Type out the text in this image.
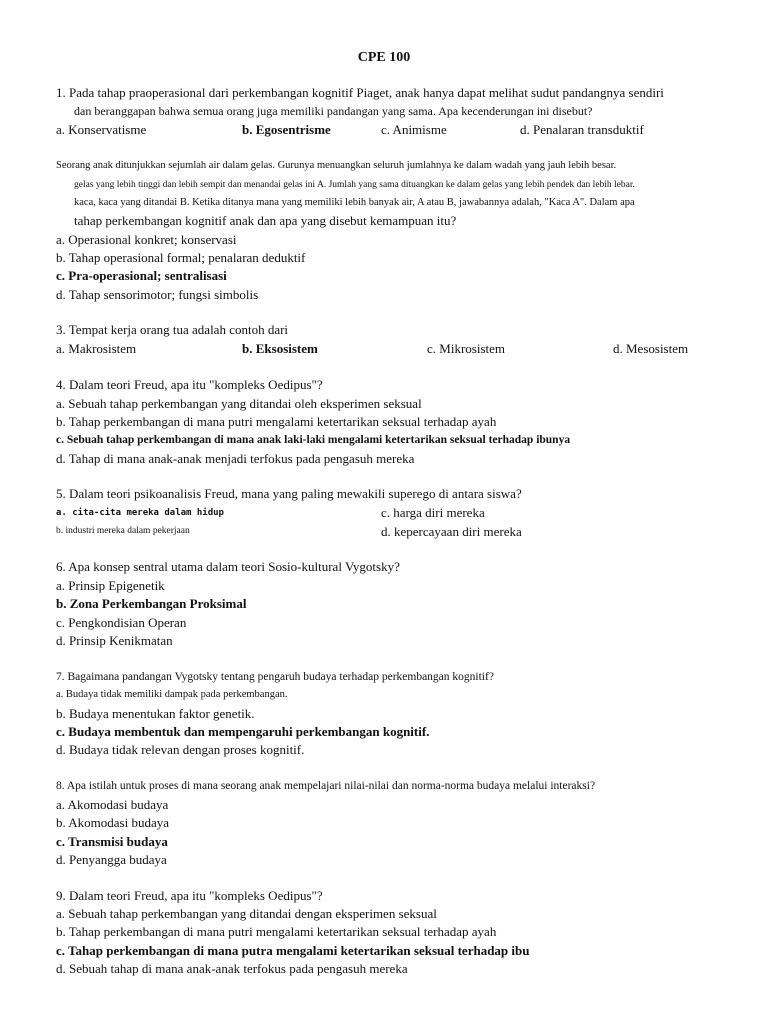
CPE 100
1. Pada tahap praoperasional dari perkembangan kognitif Piaget, anak hanya dapat melihat sudut pandangnya sendiri
dan beranggapan bahwa semua orang juga memiliki pandangan yang sama. Apa kecenderungan ini disebut?
a. Konservatisme	b. Egosentrisme	c. Animisme	d. Penalaran transduktif
Seorang anak ditunjukkan sejumlah air dalam gelas. Gurunya menuangkan seluruh jumlahnya ke dalam wadah yang jauh lebih besar.
gelas yang lebih tinggi dan lebih sempit dan menandai gelas ini A. Jumlah yang sama dituangkan ke dalam gelas yang lebih pendek dan lebih lebar.
kaca, kaca yang ditandai B. Ketika ditanya mana yang memiliki lebih banyak air, A atau B, jawabannya adalah, "Kaca A". Dalam apa
tahap perkembangan kognitif anak dan apa yang disebut kemampuan itu?
a. Operasional konkret; konservasi
b. Tahap operasional formal; penalaran deduktif
c. Pra-operasional; sentralisasi
d. Tahap sensorimotor; fungsi simbolis
3. Tempat kerja orang tua adalah contoh dari
a. Makrosistem	b. Eksosistem	c. Mikrosistem	d. Mesosistem
4. Dalam teori Freud, apa itu "kompleks Oedipus"?
a. Sebuah tahap perkembangan yang ditandai oleh eksperimen seksual
b. Tahap perkembangan di mana putri mengalami ketertarikan seksual terhadap ayah
c. Sebuah tahap perkembangan di mana anak laki-laki mengalami ketertarikan seksual terhadap ibunya
d. Tahap di mana anak-anak menjadi terfokus pada pengasuh mereka
5. Dalam teori psikoanalisis Freud, mana yang paling mewakili superego di antara siswa?
a. cita-cita mereka dalam hidup
b. industri mereka dalam pekerjaan
c. harga diri mereka
d. kepercayaan diri mereka
6. Apa konsep sentral utama dalam teori Sosio-kultural Vygotsky?
a. Prinsip Epigenetik
b. Zona Perkembangan Proksimal
c. Pengkondisian Operan
d. Prinsip Kenikmatan
7. Bagaimana pandangan Vygotsky tentang pengaruh budaya terhadap perkembangan kognitif?
a. Budaya tidak memiliki dampak pada perkembangan.
b. Budaya menentukan faktor genetik.
c. Budaya membentuk dan mempengaruhi perkembangan kognitif.
d. Budaya tidak relevan dengan proses kognitif.
8. Apa istilah untuk proses di mana seorang anak mempelajari nilai-nilai dan norma-norma budaya melalui interaksi?
a. Akomodasi budaya
b. Akomodasi budaya
c. Transmisi budaya
d. Penyangga budaya
9. Dalam teori Freud, apa itu "kompleks Oedipus"?
a. Sebuah tahap perkembangan yang ditandai dengan eksperimen seksual
b. Tahap perkembangan di mana putri mengalami ketertarikan seksual terhadap ayah
c. Tahap perkembangan di mana putra mengalami ketertarikan seksual terhadap ibu
d. Sebuah tahap di mana anak-anak terfokus pada pengasuh mereka
